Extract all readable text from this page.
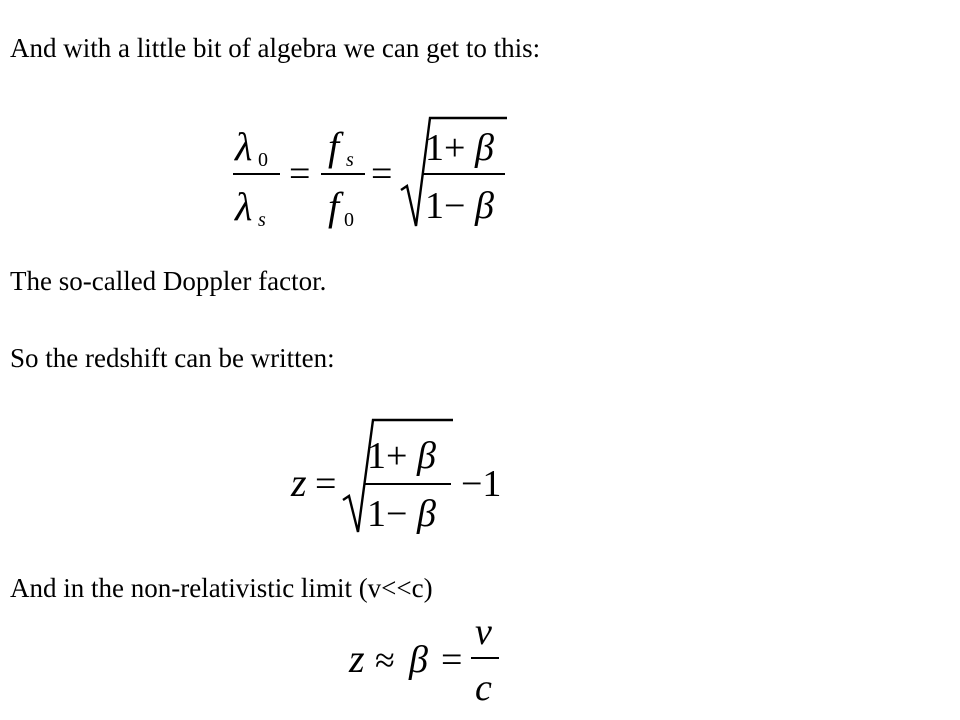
And with a little bit of algebra we can get to this:
λ 0
λ s
=
f s
f 0
=
1+ β
1− β
The so-called Doppler factor.
So the redshift can be written:
z =
1+ β
1− β
−1
And in the non-relativistic limit (v<<c)
z ≈ β =
v
c
